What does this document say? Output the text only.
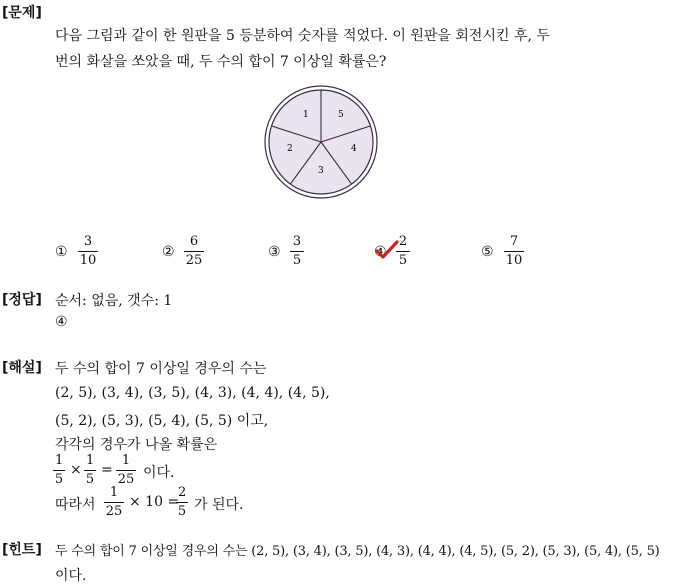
[문제]
다음 그림과 같이 한 원판을 5 등분하여 숫자를 적었다. 이 원판을 회전시킨 후, 두
번의 화살을 쏘았을 때, 두 수의 합이 7 이상일 확률은?
1	5
4
3
2
①
3
10
②
6
25
③
3
5
④
2
5
⑤
7
10
[정답] 순서: 없음, 갯수: 1
④
[해설] 두 수의 합이 7 이상일 경우의 수는
(2, 5), (3, 4), (3, 5), (4, 3), (4, 4), (4, 5),
(5, 2), (5, 3), (5, 4), (5, 5) 이고,
각각의 경우가 나올 확률은
1
5
×
1
5
=
1
25 이다.
따라서
1
25
× 10 =
2
5 가 된다.
[힌트] 두 수의 합이 7 이상일 경우의 수는 (2, 5), (3, 4), (3, 5), (4, 3), (4, 4), (4, 5), (5, 2), (5, 3), (5, 4), (5, 5)
이다.
